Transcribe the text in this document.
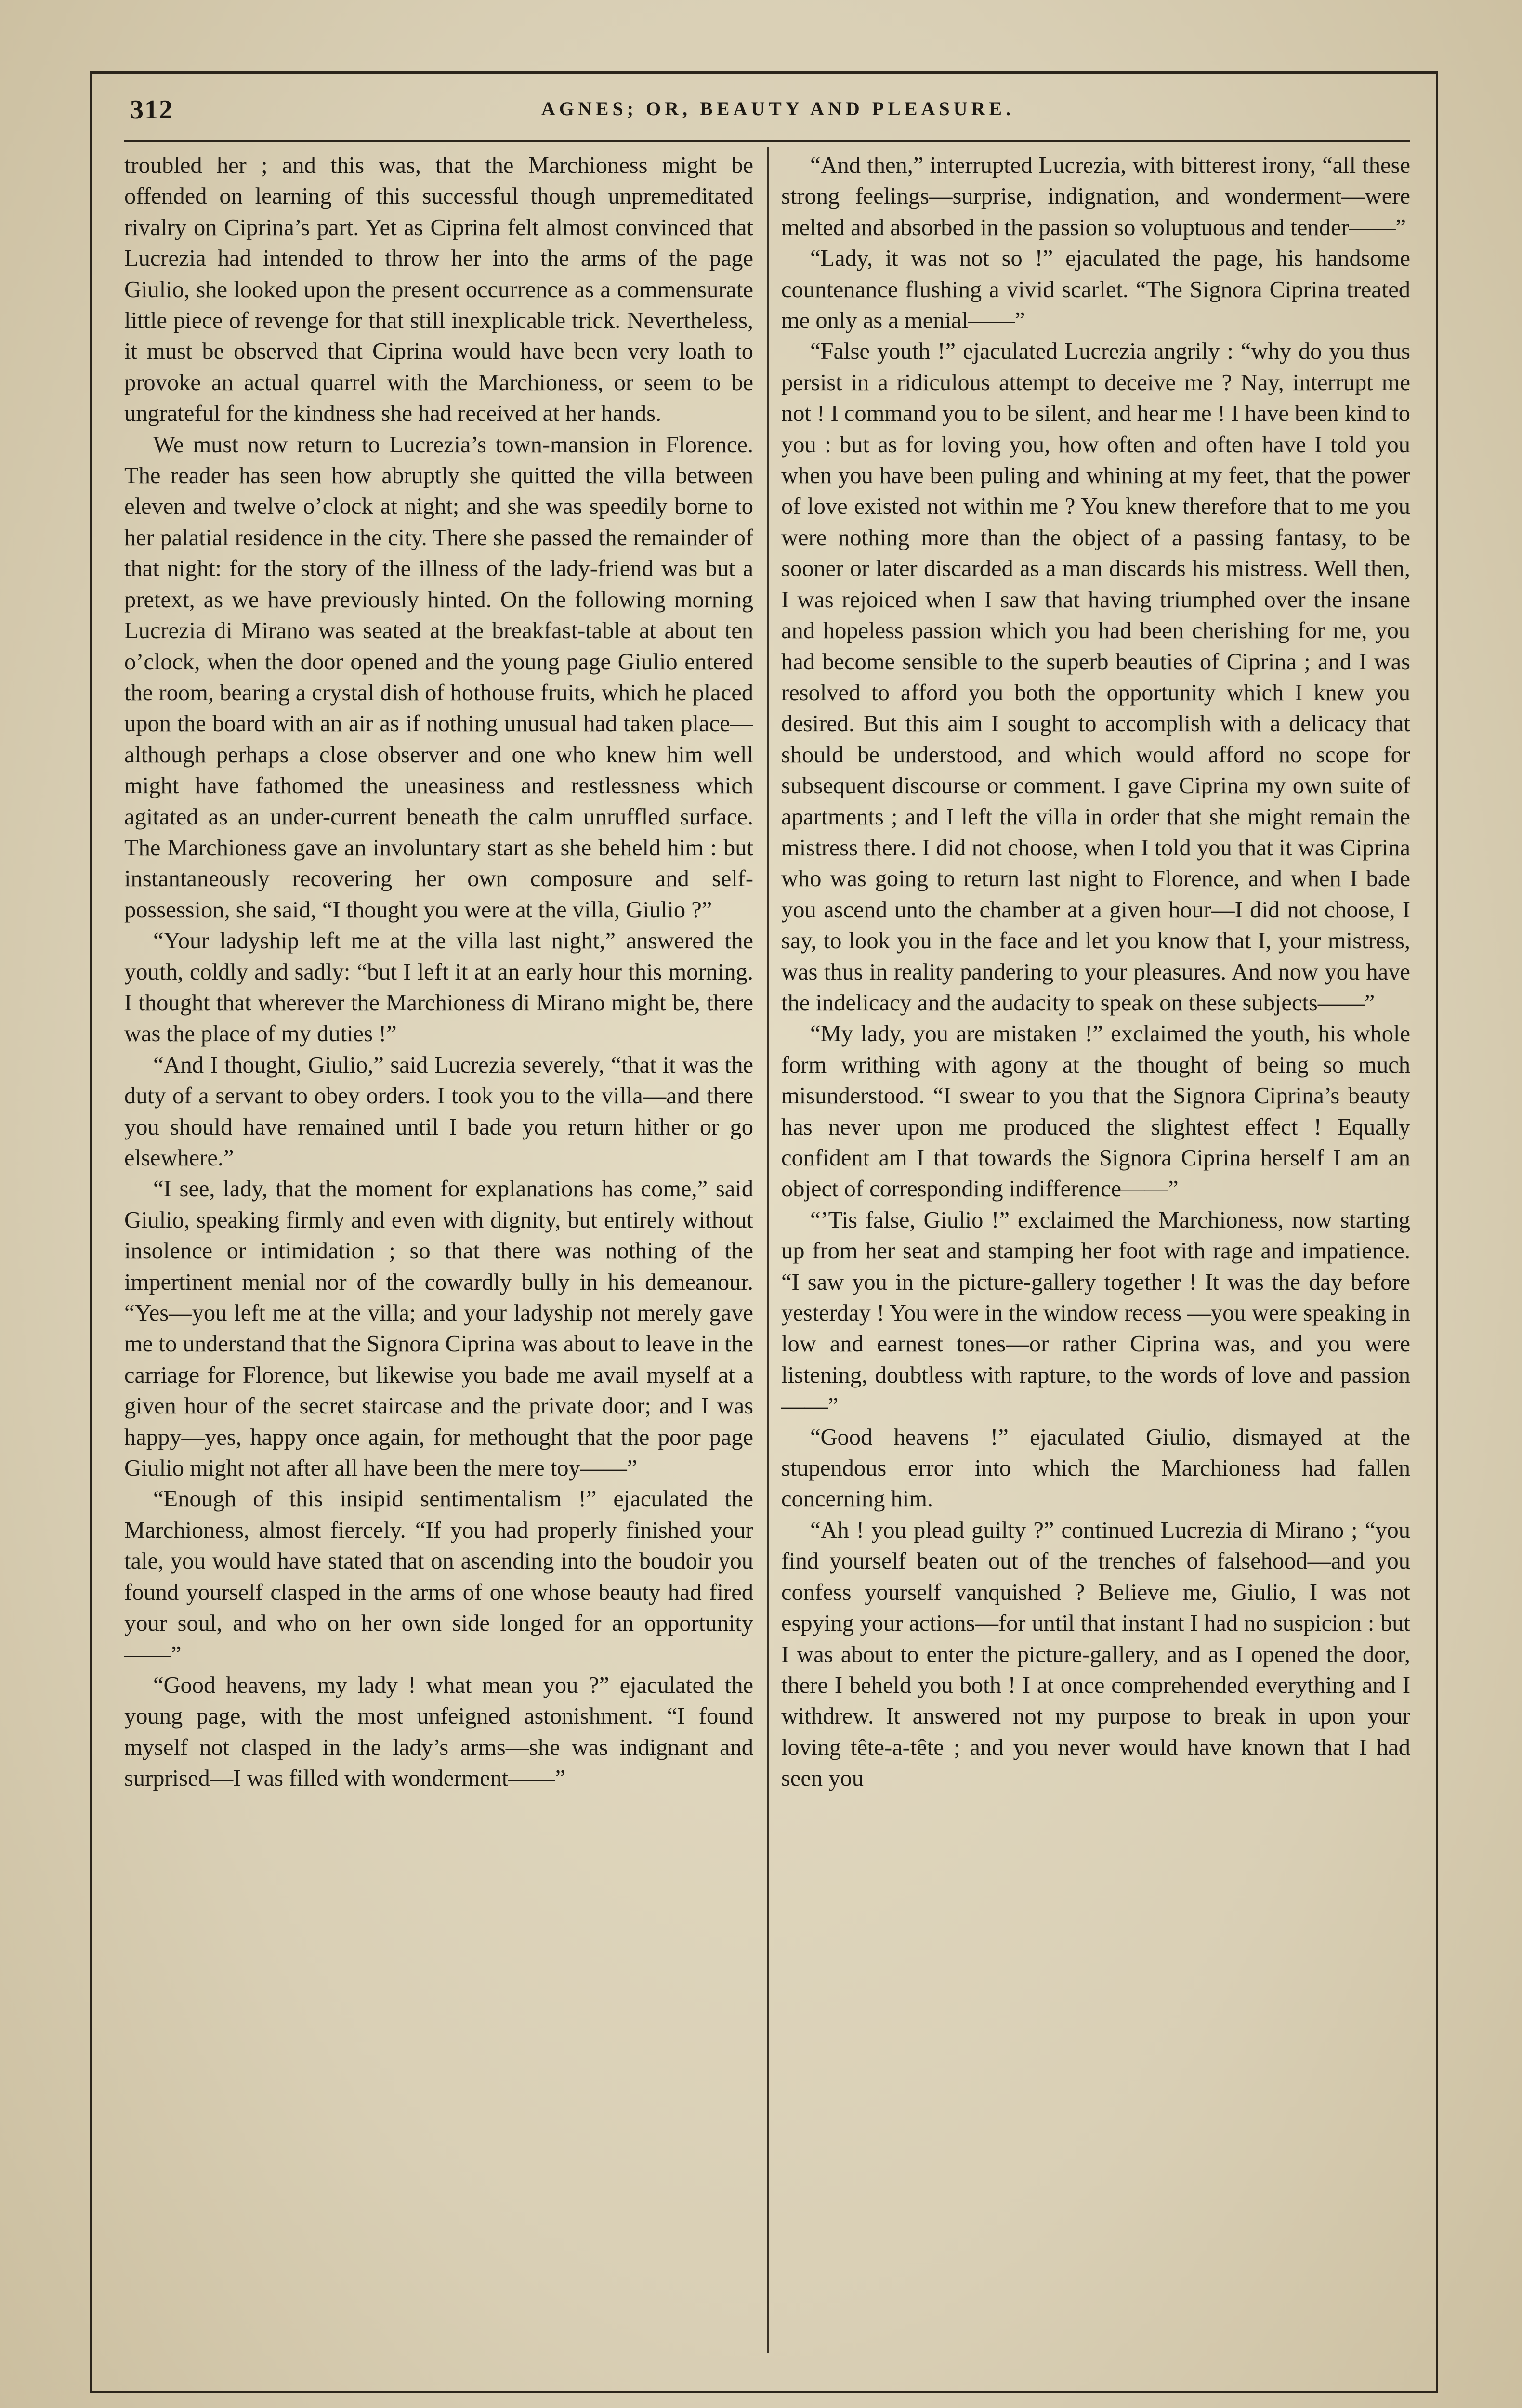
312	AGNES; OR, BEAUTY AND PLEASURE.

troubled her ; and this was, that the Marchioness might be offended on learning of this successful though unpremeditated rivalry on Ciprina’s part. Yet as Ciprina felt almost convinced that Lucrezia had intended to throw her into the arms of the page Giulio, she looked upon the present occurrence as a commensurate little piece of revenge for that still inexplicable trick. Nevertheless, it must be observed that Ciprina would have been very loath to provoke an actual quarrel with the Marchioness, or seem to be ungrateful for the kindness she had received at her hands.

We must now return to Lucrezia’s town-mansion in Florence. The reader has seen how abruptly she quitted the villa between eleven and twelve o’clock at night; and she was speedily borne to her palatial residence in the city. There she passed the remainder of that night: for the story of the illness of the lady-friend was but a pretext, as we have previously hinted. On the following morning Lucrezia di Mirano was seated at the breakfast-table at about ten o’clock, when the door opened and the young page Giulio entered the room, bearing a crystal dish of hothouse fruits, which he placed upon the board with an air as if nothing unusual had taken place—although perhaps a close observer and one who knew him well might have fathomed the uneasiness and restlessness which agitated as an under-current beneath the calm unruffled surface. The Marchioness gave an involuntary start as she beheld him : but instantaneously recovering her own composure and self-possession, she said, “I thought you were at the villa, Giulio ?”

“Your ladyship left me at the villa last night,” answered the youth, coldly and sadly: “but I left it at an early hour this morning. I thought that wherever the Marchioness di Mirano might be, there was the place of my duties !”

“And I thought, Giulio,” said Lucrezia severely, “that it was the duty of a servant to obey orders. I took you to the villa—and there you should have remained until I bade you return hither or go elsewhere.”

“I see, lady, that the moment for explanations has come,” said Giulio, speaking firmly and even with dignity, but entirely without insolence or intimidation ; so that there was nothing of the impertinent menial nor of the cowardly bully in his demeanour. “Yes—you left me at the villa; and your ladyship not merely gave me to understand that the Signora Ciprina was about to leave in the carriage for Florence, but likewise you bade me avail myself at a given hour of the secret staircase and the private door; and I was happy—yes, happy once again, for methought that the poor page Giulio might not after all have been the mere toy——”

“Enough of this insipid sentimentalism !” ejaculated the Marchioness, almost fiercely. “If you had properly finished your tale, you would have stated that on ascending into the boudoir you found yourself clasped in the arms of one whose beauty had fired your soul, and who on her own side longed for an opportunity——”

“Good heavens, my lady ! what mean you ?” ejaculated the young page, with the most unfeigned astonishment. “I found myself not clasped in the lady’s arms—she was indignant and surprised—I was filled with wonderment——”

“And then,” interrupted Lucrezia, with bitterest irony, “all these strong feelings—surprise, indignation, and wonderment—were melted and absorbed in the passion so voluptuous and tender——”

“Lady, it was not so !” ejaculated the page, his handsome countenance flushing a vivid scarlet. “The Signora Ciprina treated me only as a menial——”

“False youth !” ejaculated Lucrezia angrily : “why do you thus persist in a ridiculous attempt to deceive me ? Nay, interrupt me not ! I command you to be silent, and hear me ! I have been kind to you : but as for loving you, how often and often have I told you when you have been puling and whining at my feet, that the power of love existed not within me ? You knew therefore that to me you were nothing more than the object of a passing fantasy, to be sooner or later discarded as a man discards his mistress. Well then, I was rejoiced when I saw that having triumphed over the insane and hopeless passion which you had been cherishing for me, you had become sensible to the superb beauties of Ciprina ; and I was resolved to afford you both the opportunity which I knew you desired. But this aim I sought to accomplish with a delicacy that should be understood, and which would afford no scope for subsequent discourse or comment. I gave Ciprina my own suite of apartments ; and I left the villa in order that she might remain the mistress there. I did not choose, when I told you that it was Ciprina who was going to return last night to Florence, and when I bade you ascend unto the chamber at a given hour—I did not choose, I say, to look you in the face and let you know that I, your mistress, was thus in reality pandering to your pleasures. And now you have the indelicacy and the audacity to speak on these subjects——”

“My lady, you are mistaken !” exclaimed the youth, his whole form writhing with agony at the thought of being so much misunderstood. “I swear to you that the Signora Ciprina’s beauty has never upon me produced the slightest effect ! Equally confident am I that towards the Signora Ciprina herself I am an object of corresponding indifference——”

“’Tis false, Giulio !” exclaimed the Marchioness, now starting up from her seat and stamping her foot with rage and impatience. “I saw you in the picture-gallery together ! It was the day before yesterday ! You were in the window recess —you were speaking in low and earnest tones—or rather Ciprina was, and you were listening, doubtless with rapture, to the words of love and passion——”

“Good heavens !” ejaculated Giulio, dismayed at the stupendous error into which the Marchioness had fallen concerning him.

“Ah ! you plead guilty ?” continued Lucrezia di Mirano ; “you find yourself beaten out of the trenches of falsehood—and you confess yourself vanquished ? Believe me, Giulio, I was not espying your actions—for until that instant I had no suspicion : but I was about to enter the picture-gallery, and as I opened the door, there I beheld you both ! I at once comprehended everything and I withdrew. It answered not my purpose to break in upon your loving tête-a-tête ; and you never would have known that I had seen you
